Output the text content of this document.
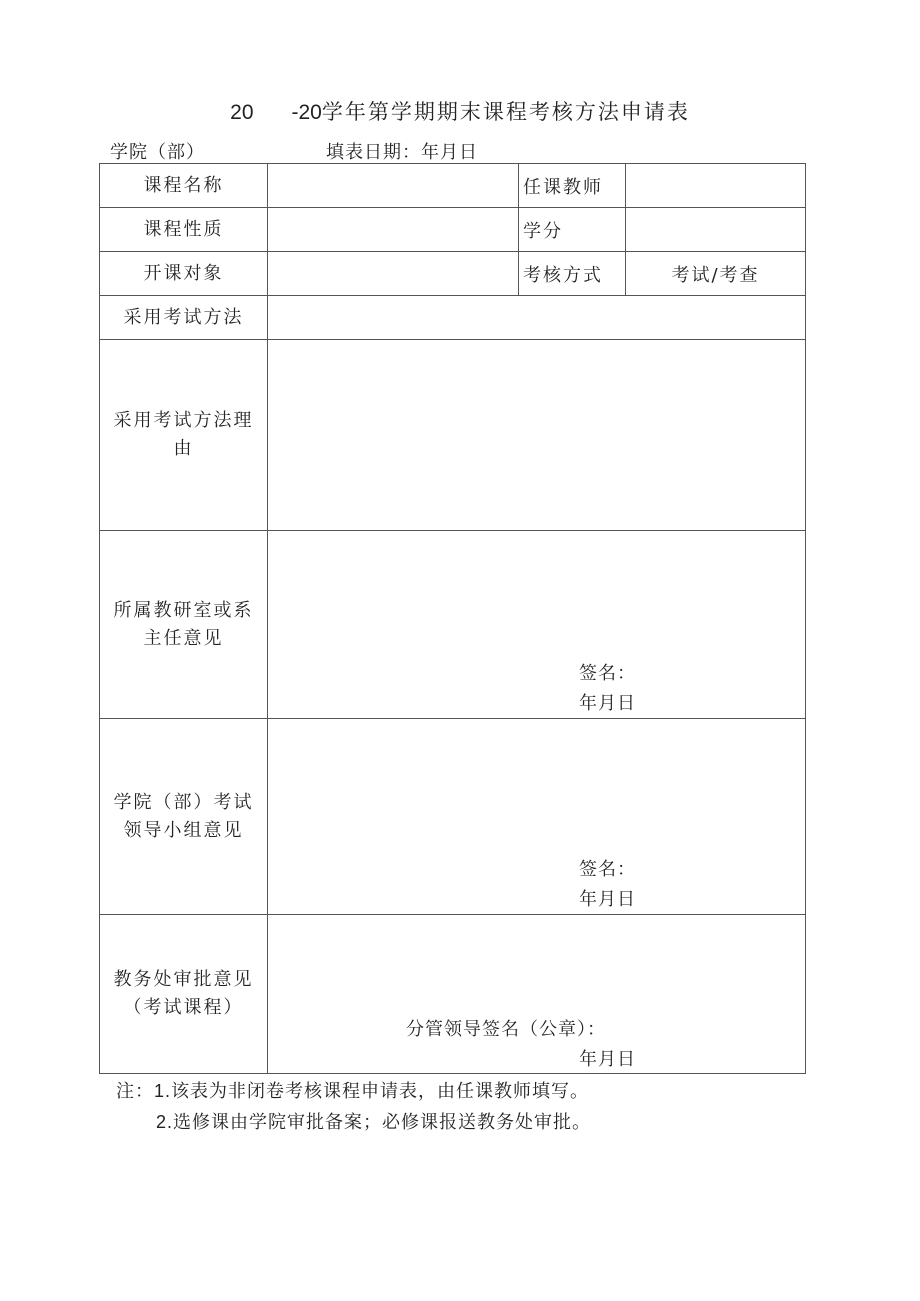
20 -20学年第学期期末课程考核方法申请表
学院（部）	填表日期：年月日
课程名称		任课教师	
课程性质		学分	
开课对象		考核方式	考试/考查
采用考试方法			
采用考试方法理由			
所属教研室或系主任意见	签名：
年月日		

学院（部）考试领导小组意见	签名：
年月日		

教务处审批意见（考试课程）	分管领导签名（公章）：
年月日		
注：1.该表为非闭卷考核课程申请表，由任课教师填写。
2.选修课由学院审批备案；必修课报送教务处审批。
